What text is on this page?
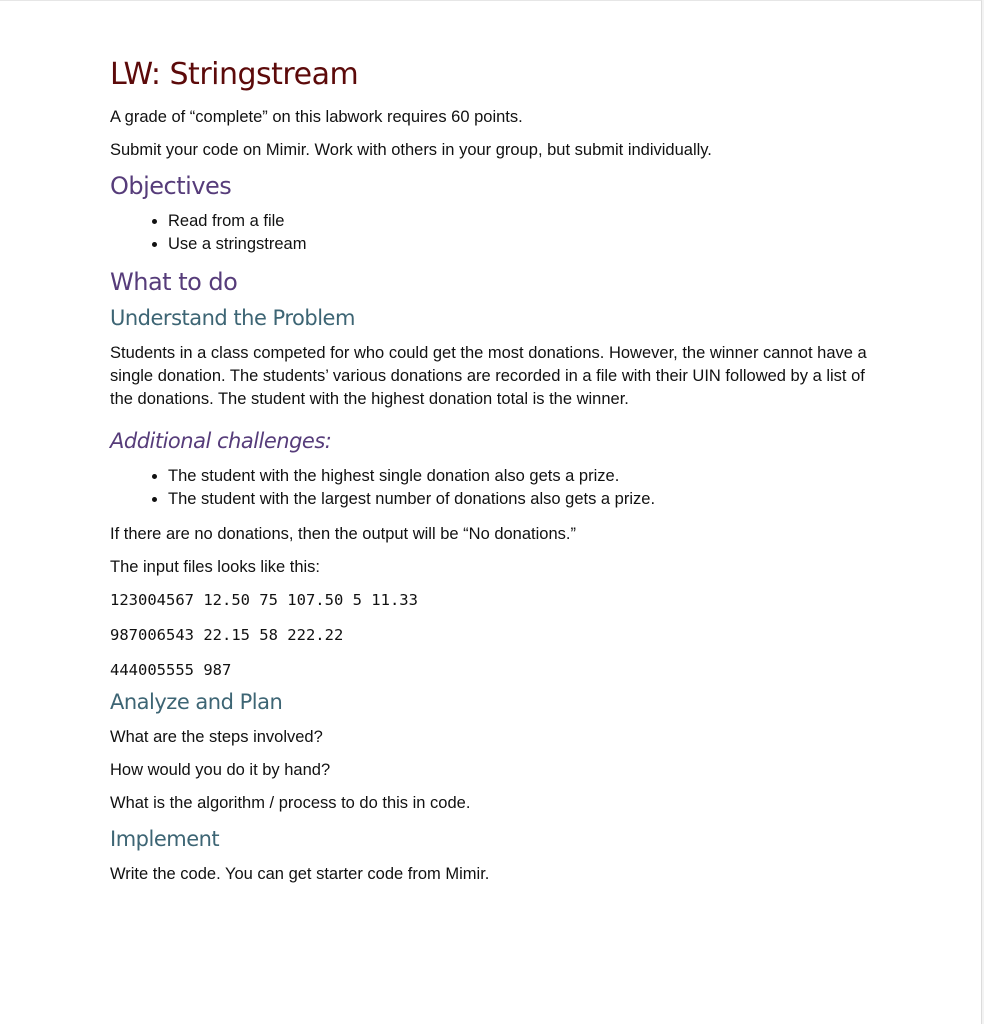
LW: Stringstream

A grade of “complete” on this labwork requires 60 points.

Submit your code on Mimir. Work with others in your group, but submit individually.

Objectives
• Read from a file
• Use a stringstream
What to do
Understand the Problem

Students in a class competed for who could get the most donations. However, the winner cannot have a single donation. The students’ various donations are recorded in a file with their UIN followed by a list of the donations. The student with the highest donation total is the winner.

Additional challenges:
• The student with the highest single donation also gets a prize.
• The student with the largest number of donations also gets a prize.

If there are no donations, then the output will be “No donations.”

The input files looks like this:

123004567 12.50 75 107.50 5 11.33
987006543 22.15 58 222.22
444005555 987
Analyze and Plan

What are the steps involved?

How would you do it by hand?

What is the algorithm / process to do this in code.

Implement

Write the code. You can get starter code from Mimir.
